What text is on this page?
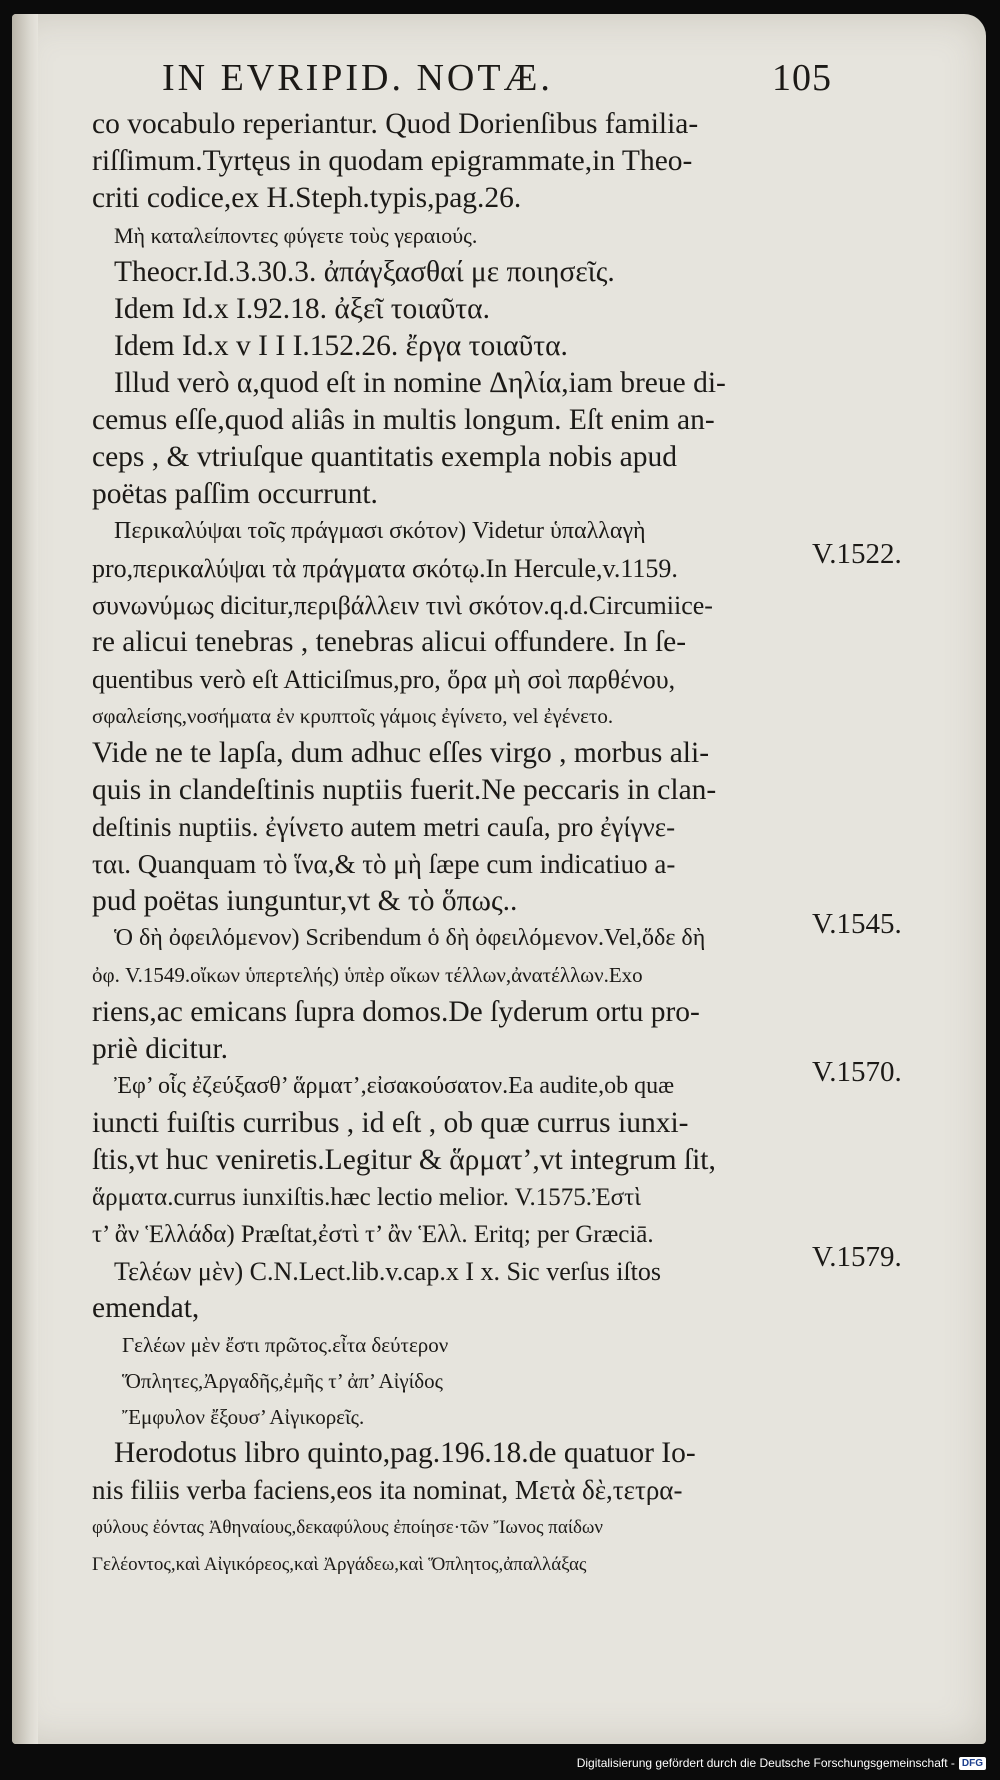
IN EVRIPID. NOTÆ.	105
co vocabulo reperiantur. Quod Dorienſibus familia-
riſſimum.Tyrtęus in quodam epigrammate,in Theo-
criti codice,ex H.Steph.typis,pag.26.
Μὴ καταλείποντες φύγετε τοὺς γεραιούς.
Theocr.Id.3.30.3. ἀπάγξασθαί με ποιησεῖς.
Idem Id.x I.92.18. ἀξεῖ τοιαῦτα.
Idem Id.x v I I I.152.26. ἔργα τοιαῦτα.
Illud verò α,quod eſt in nomine Δηλία,iam breue di-
cemus eſſe,quod aliâs in multis longum. Eſt enim an-
ceps , & vtriuſque quantitatis exempla nobis apud
poëtas paſſim occurrunt.
Περικαλύψαι τοῖς πράγμασι σκότον) Videtur ὑπαλλαγὴ
pro,περικαλύψαι τὰ πράγματα σκότῳ.In Hercule,v.1159.
συνωνύμως dicitur,περιβάλλειν τινὶ σκότον.q.d.Circumiice-
re alicui tenebras , tenebras alicui offundere. In ſe-
quentibus verò eſt Atticiſmus,pro, ὅρα μὴ σοὶ παρθένου,
σφαλείσης,νοσήματα ἐν κρυπτοῖς γάμοις ἐγίνετο, vel ἐγένετο.
Vide ne te lapſa, dum adhuc eſſes virgo , morbus ali-
quis in clandeſtinis nuptiis fuerit.Ne peccaris in clan-
deſtinis nuptiis. ἐγίνετο autem metri cauſa, pro ἐγίγνε-
ται. Quanquam τὸ ἵνα,& τὸ μὴ ſæpe cum indicatiuo a-
pud poëtas iunguntur,vt & τὸ ὅπως..
Ὁ δὴ ὀφειλόμενον) Scribendum ὁ δὴ ὀφειλόμενον.Vel,ὅδε δὴ
ὀφ. V.1549.οἴκων ὑπερτελής) ὑπὲρ οἴκων τέλλων,ἀνατέλλων.Exo
riens,ac emicans ſupra domos.De ſyderum ortu pro-
priè dicitur.
Ἐφ’ οἷς ἐζεύξασθ’ ἅρματ’,εἰσακούσατον.Ea audite,ob quæ
iuncti fuiſtis curribus , id eſt , ob quæ currus iunxi-
ſtis,vt huc veniretis.Legitur & ἅρματ’,vt integrum ſit,
ἅρματα.currus iunxiſtis.hæc lectio melior. V.1575.Ἐστὶ
τ’ ἂν Ἑλλάδα) Præſtat,ἐστὶ τ’ ἂν Ἑλλ. Eritq; per Græciā.
Τελέων μὲν) C.N.Lect.lib.v.cap.x I x. Sic verſus iſtos
emendat,
Γελέων μὲν ἔστι πρῶτος.εἶτα δεύτερον
Ὅπλητες,Ἀργαδῆς,ἐμῆς τ’ ἀπ’ Αἰγίδος
Ἔμφυλον ἔξουσ’ Αἰγικορεῖς.
Herodotus libro quinto,pag.196.18.de quatuor Io-
nis filiis verba faciens,eos ita nominat, Μετὰ δὲ,τετρα-
φύλους ἐόντας Ἀθηναίους,δεκαφύλους ἐποίησε·τῶν Ἴωνος παίδων
Γελέοντος,καὶ Αἰγικόρεος,καὶ Ἀργάδεω,καὶ Ὅπλητος,ἀπαλλάξας
V.1522.
V.1545.
V.1570.
V.1579.
Digitalisierung gefördert durch die Deutsche Forschungsgemeinschaft - DFG
